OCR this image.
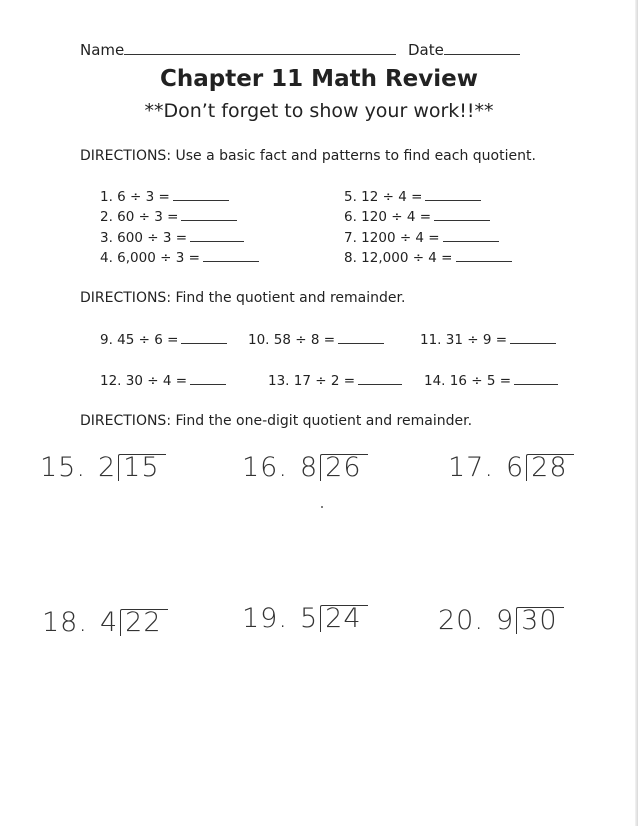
Name	Date
Chapter 11 Math Review
**Don’t forget to show your work!!**
DIRECTIONS: Use a basic fact and patterns to find each quotient.
1. 6 ÷ 3 =
2. 60 ÷ 3 =
3. 600 ÷ 3 =
4. 6,000 ÷ 3 =
5. 12 ÷ 4 =
6. 120 ÷ 4 =
7. 1200 ÷ 4 =
8. 12,000 ÷ 4 =
DIRECTIONS: Find the quotient and remainder.
9. 45 ÷ 6 =	10. 58 ÷ 8 =	11. 31 ÷ 9 =
12. 30 ÷ 4 =	13. 17 ÷ 2 =	14. 16 ÷ 5 =
DIRECTIONS: Find the one-digit quotient and remainder.
15. 2 15	16. 8 26	17. 6 28
18. 4 22	19. 5 24	20. 9 30
